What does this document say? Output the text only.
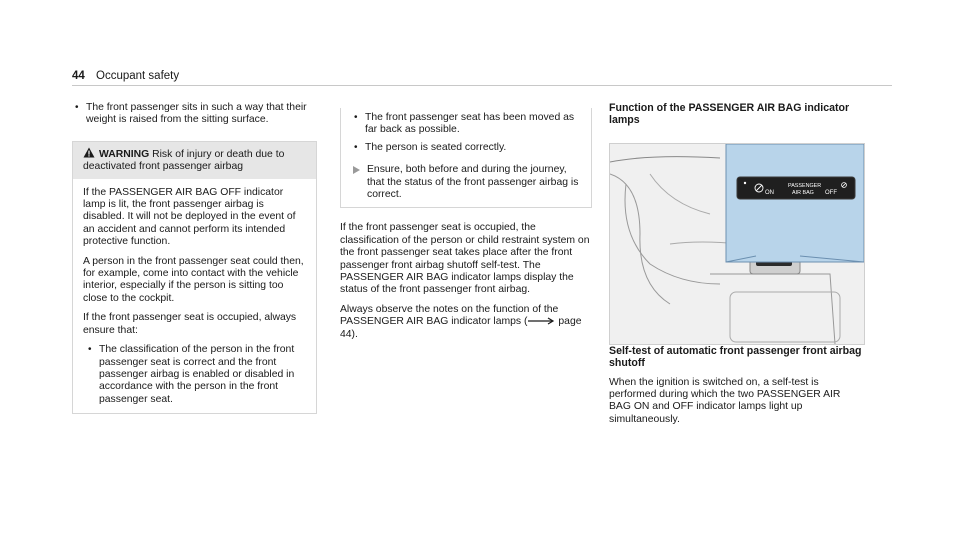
44 Occupant safety
• The front passenger sits in such a way that their weight is raised from the sitting surface.
WARNING Risk of injury or death due to deactivated front passenger airbag

If the PASSENGER AIR BAG OFF indicator lamp is lit, the front passenger airbag is disabled. It will not be deployed in the event of an accident and cannot perform its intended protective function.

A person in the front passenger seat could then, for example, come into contact with the vehicle interior, especially if the person is sitting too close to the cockpit.

If the front passenger seat is occupied, always ensure that:

• The classification of the person in the front passenger seat is correct and the front passenger airbag is enabled or disabled in accordance with the person in the front passenger seat.
• The front passenger seat has been moved as far back as possible.
• The person is seated correctly.
Ensure, both before and during the journey, that the status of the front passenger airbag is correct.

If the front passenger seat is occupied, the classification of the person or child restraint system on the front passenger seat takes place after the front passenger front airbag shutoff self-test. The PASSENGER AIR BAG indicator lamps display the status of the front passenger front airbag.

Always observe the notes on the function of the PASSENGER AIR BAG indicator lamps (	page 44).

Function of the PASSENGER AIR BAG indicator lamps

ON
PASSENGER
AIR BAG OFF

Self-test of automatic front passenger front airbag shutoff

When the ignition is switched on, a self-test is performed during which the two PASSENGER AIR BAG ON and OFF indicator lamps light up simultaneously.
